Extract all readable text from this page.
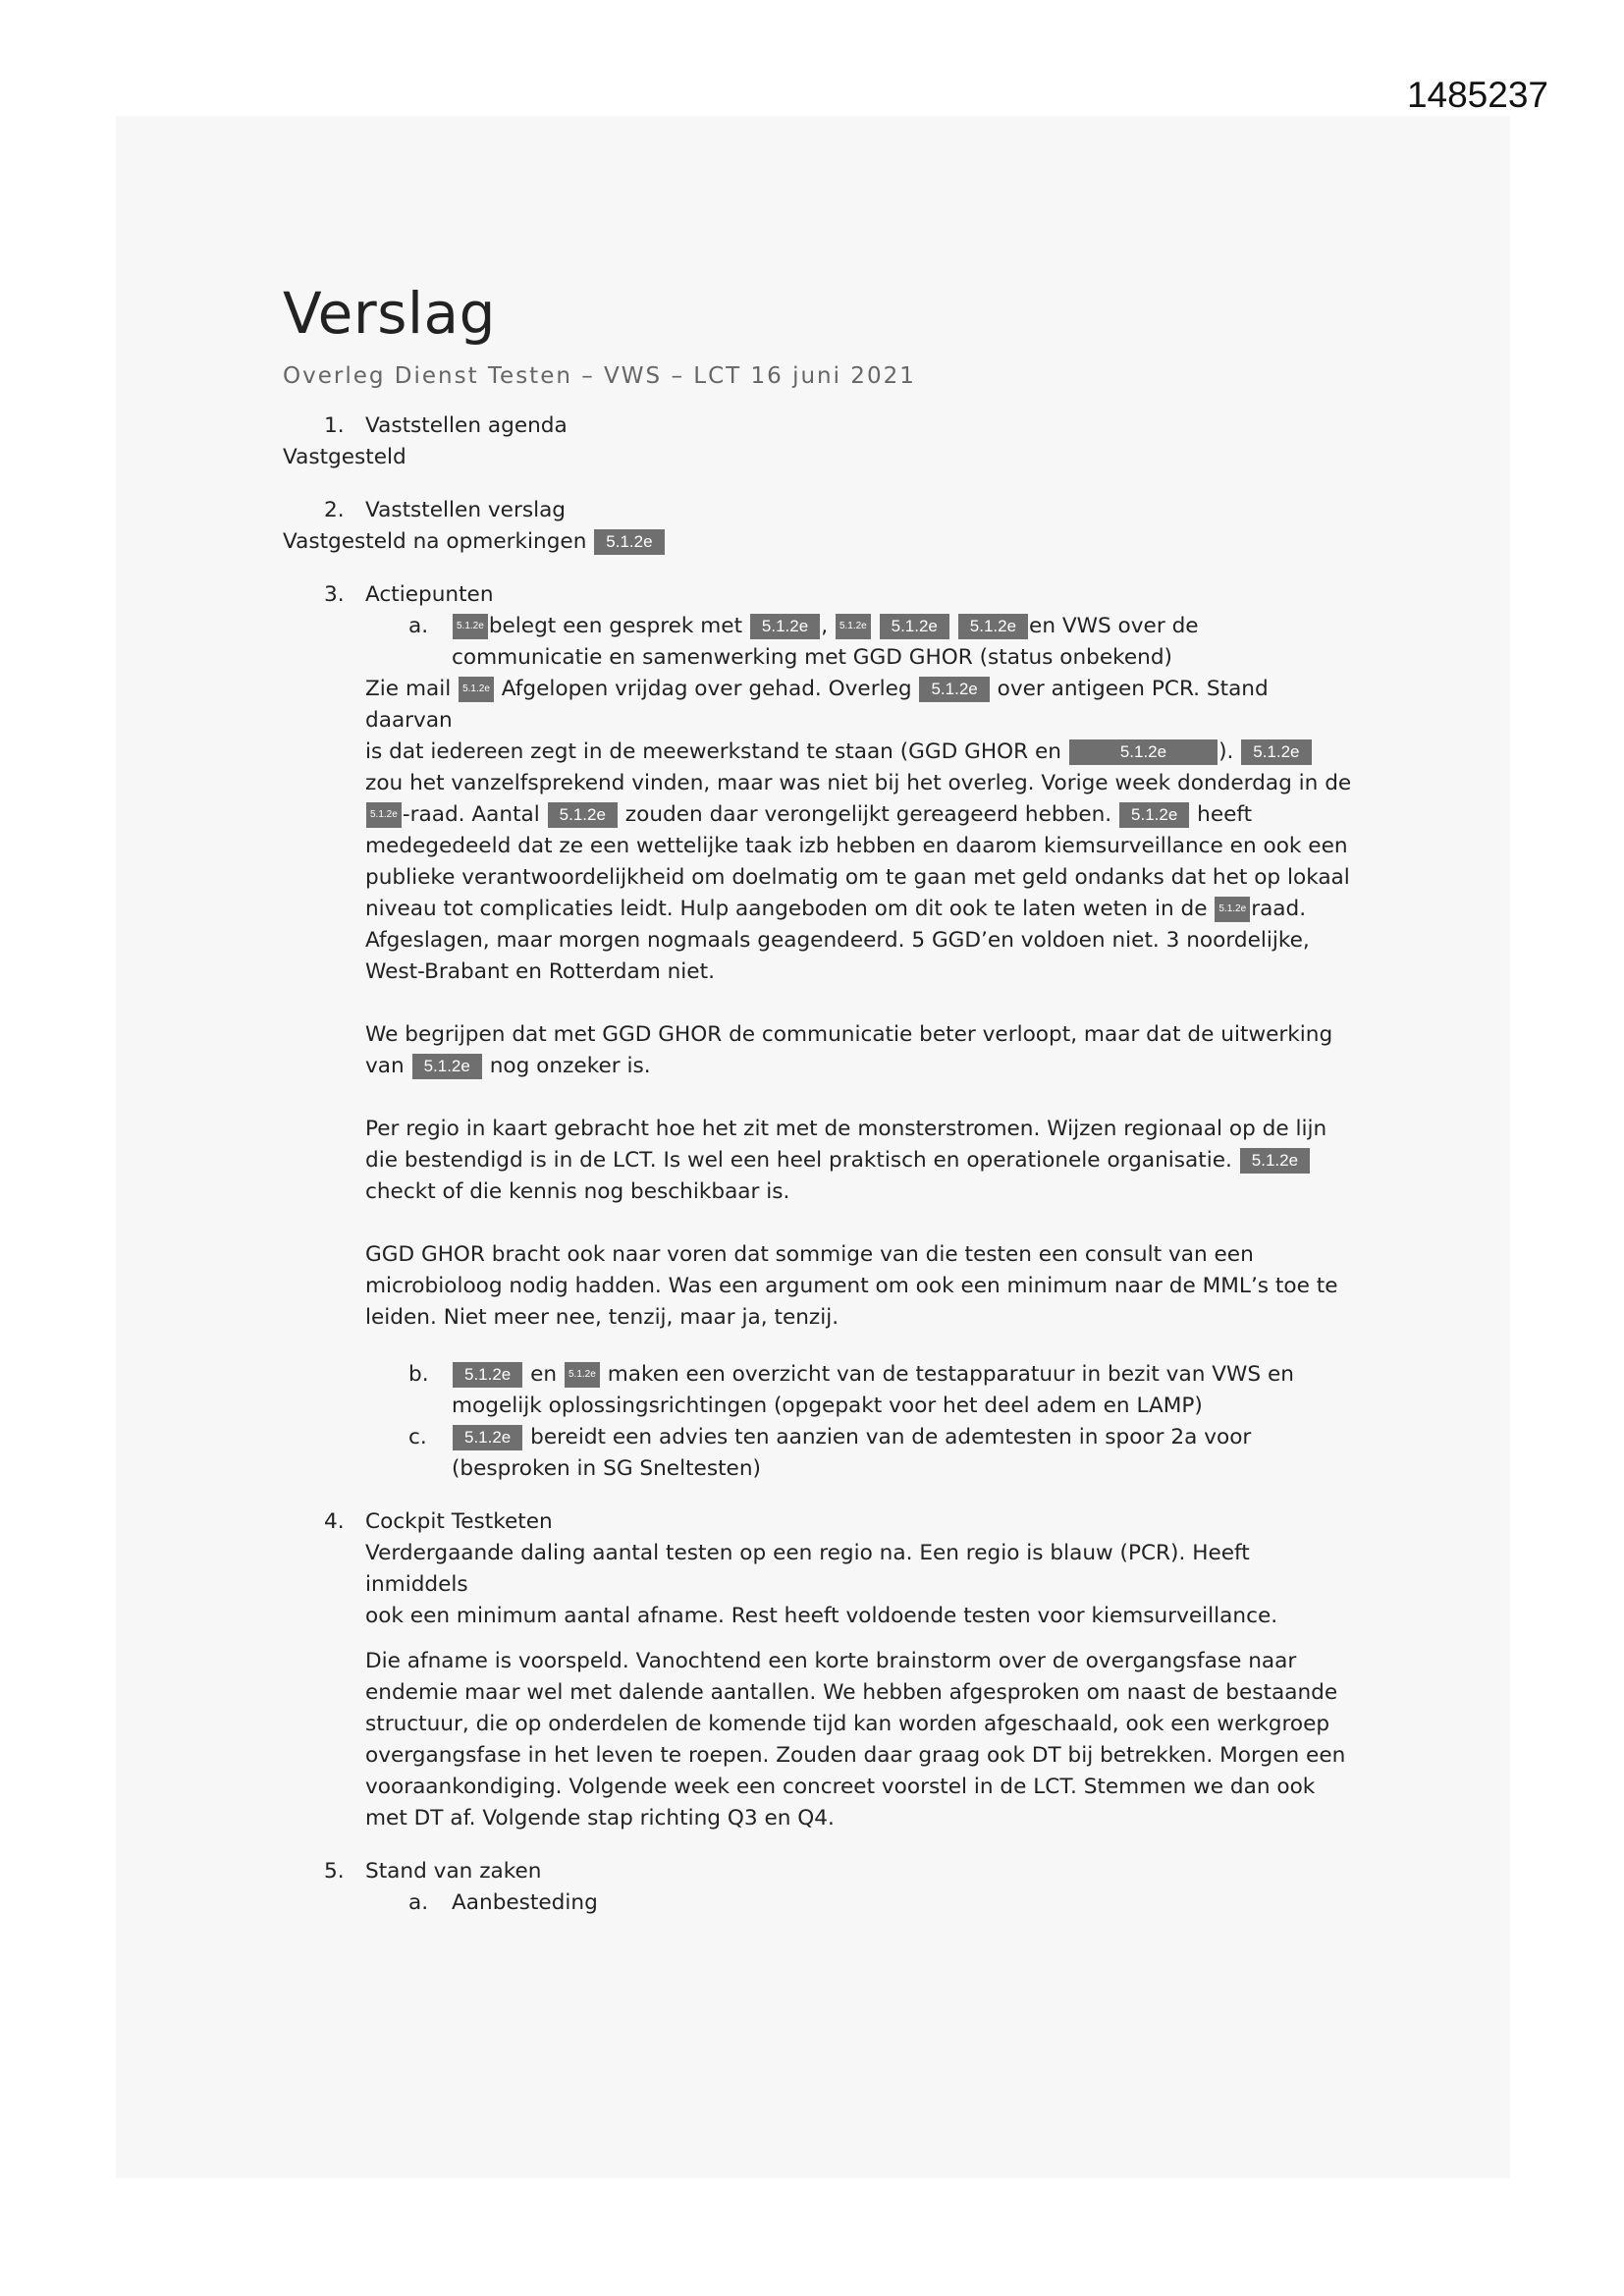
1485237
Verslag
Overleg Dienst Testen – VWS – LCT 16 juni 2021
1. Vaststellen agenda
Vastgesteld
2. Vaststellen verslag
Vastgesteld na opmerkingen 5.1.2e
3. Actiepunten
a.	5.1.2e belegt een gesprek met 5.1.2e , 5.1.2e 5.1.2e 5.1.2e en VWS over de
communicatie en samenwerking met GGD GHOR (status onbekend)
Zie mail 5.1.2e Afgelopen vrijdag over gehad. Overleg 5.1.2e over antigeen PCR. Stand daarvan
is dat iedereen zegt in de meewerkstand te staan (GGD GHOR en	5.1.2e ). 5.1.2e
zou het vanzelfsprekend vinden, maar was niet bij het overleg. Vorige week donderdag in de
5.1.2e -raad. Aantal 5.1.2e zouden daar verongelijkt gereageerd hebben. 5.1.2e heeft
medegedeeld dat ze een wettelijke taak izb hebben en daarom kiemsurveillance en ook een
publieke verantwoordelijkheid om doelmatig om te gaan met geld ondanks dat het op lokaal
niveau tot complicaties leidt. Hulp aangeboden om dit ook te laten weten in de 5.1.2e raad.
Afgeslagen, maar morgen nogmaals geagendeerd. 5 GGD’en voldoen niet. 3 noordelijke,
West-Brabant en Rotterdam niet.
We begrijpen dat met GGD GHOR de communicatie beter verloopt, maar dat de uitwerking
van 5.1.2e nog onzeker is.
Per regio in kaart gebracht hoe het zit met de monsterstromen. Wijzen regionaal op de lijn
die bestendigd is in de LCT. Is wel een heel praktisch en operationele organisatie. 5.1.2e
checkt of die kennis nog beschikbaar is.
GGD GHOR bracht ook naar voren dat sommige van die testen een consult van een
microbioloog nodig hadden. Was een argument om ook een minimum naar de MML’s toe te
leiden. Niet meer nee, tenzij, maar ja, tenzij.
b.	5.1.2e en 5.1.2e maken een overzicht van de testapparatuur in bezit van VWS en
mogelijk oplossingsrichtingen (opgepakt voor het deel adem en LAMP)
c.	5.1.2e bereidt een advies ten aanzien van de ademtesten in spoor 2a voor
(besproken in SG Sneltesten)
4. Cockpit Testketen
Verdergaande daling aantal testen op een regio na. Een regio is blauw (PCR). Heeft inmiddels
ook een minimum aantal afname. Rest heeft voldoende testen voor kiemsurveillance.
Die afname is voorspeld. Vanochtend een korte brainstorm over de overgangsfase naar
endemie maar wel met dalende aantallen. We hebben afgesproken om naast de bestaande
structuur, die op onderdelen de komende tijd kan worden afgeschaald, ook een werkgroep
overgangsfase in het leven te roepen. Zouden daar graag ook DT bij betrekken. Morgen een
vooraankondiging. Volgende week een concreet voorstel in de LCT. Stemmen we dan ook
met DT af. Volgende stap richting Q3 en Q4.
5. Stand van zaken
a.	Aanbesteding
